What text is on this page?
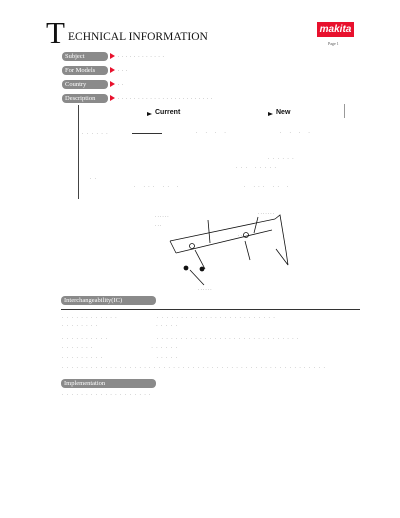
T ECHNICAL INFORMATION
makita
Page 1
Subject	· · · · · · · · · · · ·
For Models	· · ·
Country	· ·
Description	· · · · · · · · · · · · · · · · · · · · · · · ·
Current	New
· · · · · ·	·   ·   ·   ·	·   ·   ·   ·
· · · · · ·
· · ·   · · · · ·
· ·
·   · · ·   · ·   ·	·   · · ·   · ·   ·
· · · · · ·
· · ·
· · · · · · ·
· ·
· · · · · ·
Interchangeability(IC)
· · · · · · · · · · · ·                 · · · · · · · · · · · · · · · · · · · · · · · · ·
· · · · · · · ·                         · · · · ·
· · · · · · · · · ·                     · · · · · · · · · · · · · · · · · · · · · · · · · · · · · ·
· · · · · · ·                         · · · · · ·
· · · · · · · · ·                       · · · · ·
· · · · · · · · · · · · · · · · · · · · · · · · · · · · · · · · · · · · · · · · · · · · · · · · · · · · · · ·
Implementation
· · · · · · · · · · · · · · · · · · ·
